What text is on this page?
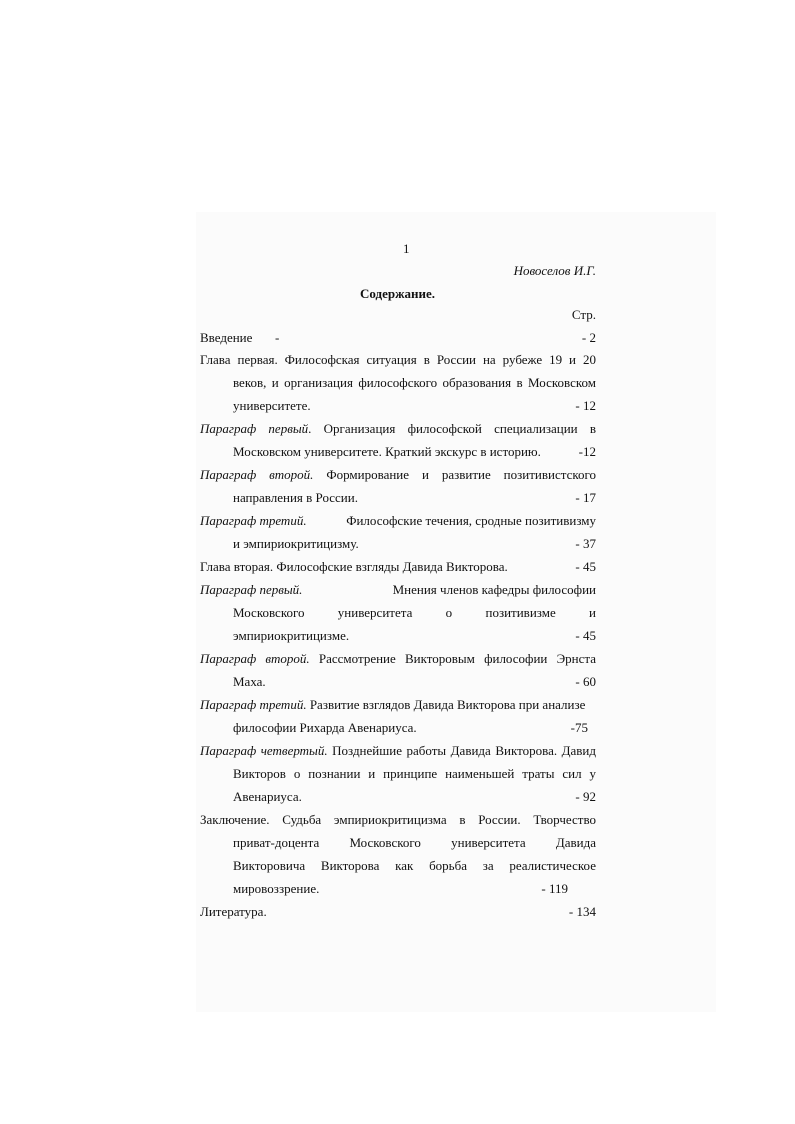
1
Новоселов И.Г.
Содержание.
Стр.
Введение -	- 2
Глава первая. Философская ситуация в России на рубеже 19 и 20
веков, и организация философского образования в Московском
университете.	- 12
Параграф первый. Организация философской специализации в
Московском университете. Краткий экскурс в историю.	-12
Параграф второй. Формирование и развитие позитивистского
направления в России.	- 17
Параграф третий.	Философские течения, сродные позитивизму
и эмпириокритицизму.	- 37
Глава вторая. Философские взгляды Давида Викторова.	- 45
Параграф первый.	Мнения членов кафедры философии
Московского университета о позитивизме и
эмпириокритицизме.	- 45
Параграф второй. Рассмотрение Викторовым философии Эрнста
Маха.	- 60
Параграф третий. Развитие взглядов Давида Викторова при анализе
философии Рихарда Авенариуса.	-75
Параграф четвертый. Позднейшие работы Давида Викторова. Давид
Викторов о познании и принципе наименьшей траты сил у
Авенариуса.	- 92
Заключение. Судьба эмпириокритицизма в России. Творчество
приват-доцента Московского университета Давида
Викторовича Викторова как борьба за реалистическое
мировоззрение.	- 119
Литература.	- 134
